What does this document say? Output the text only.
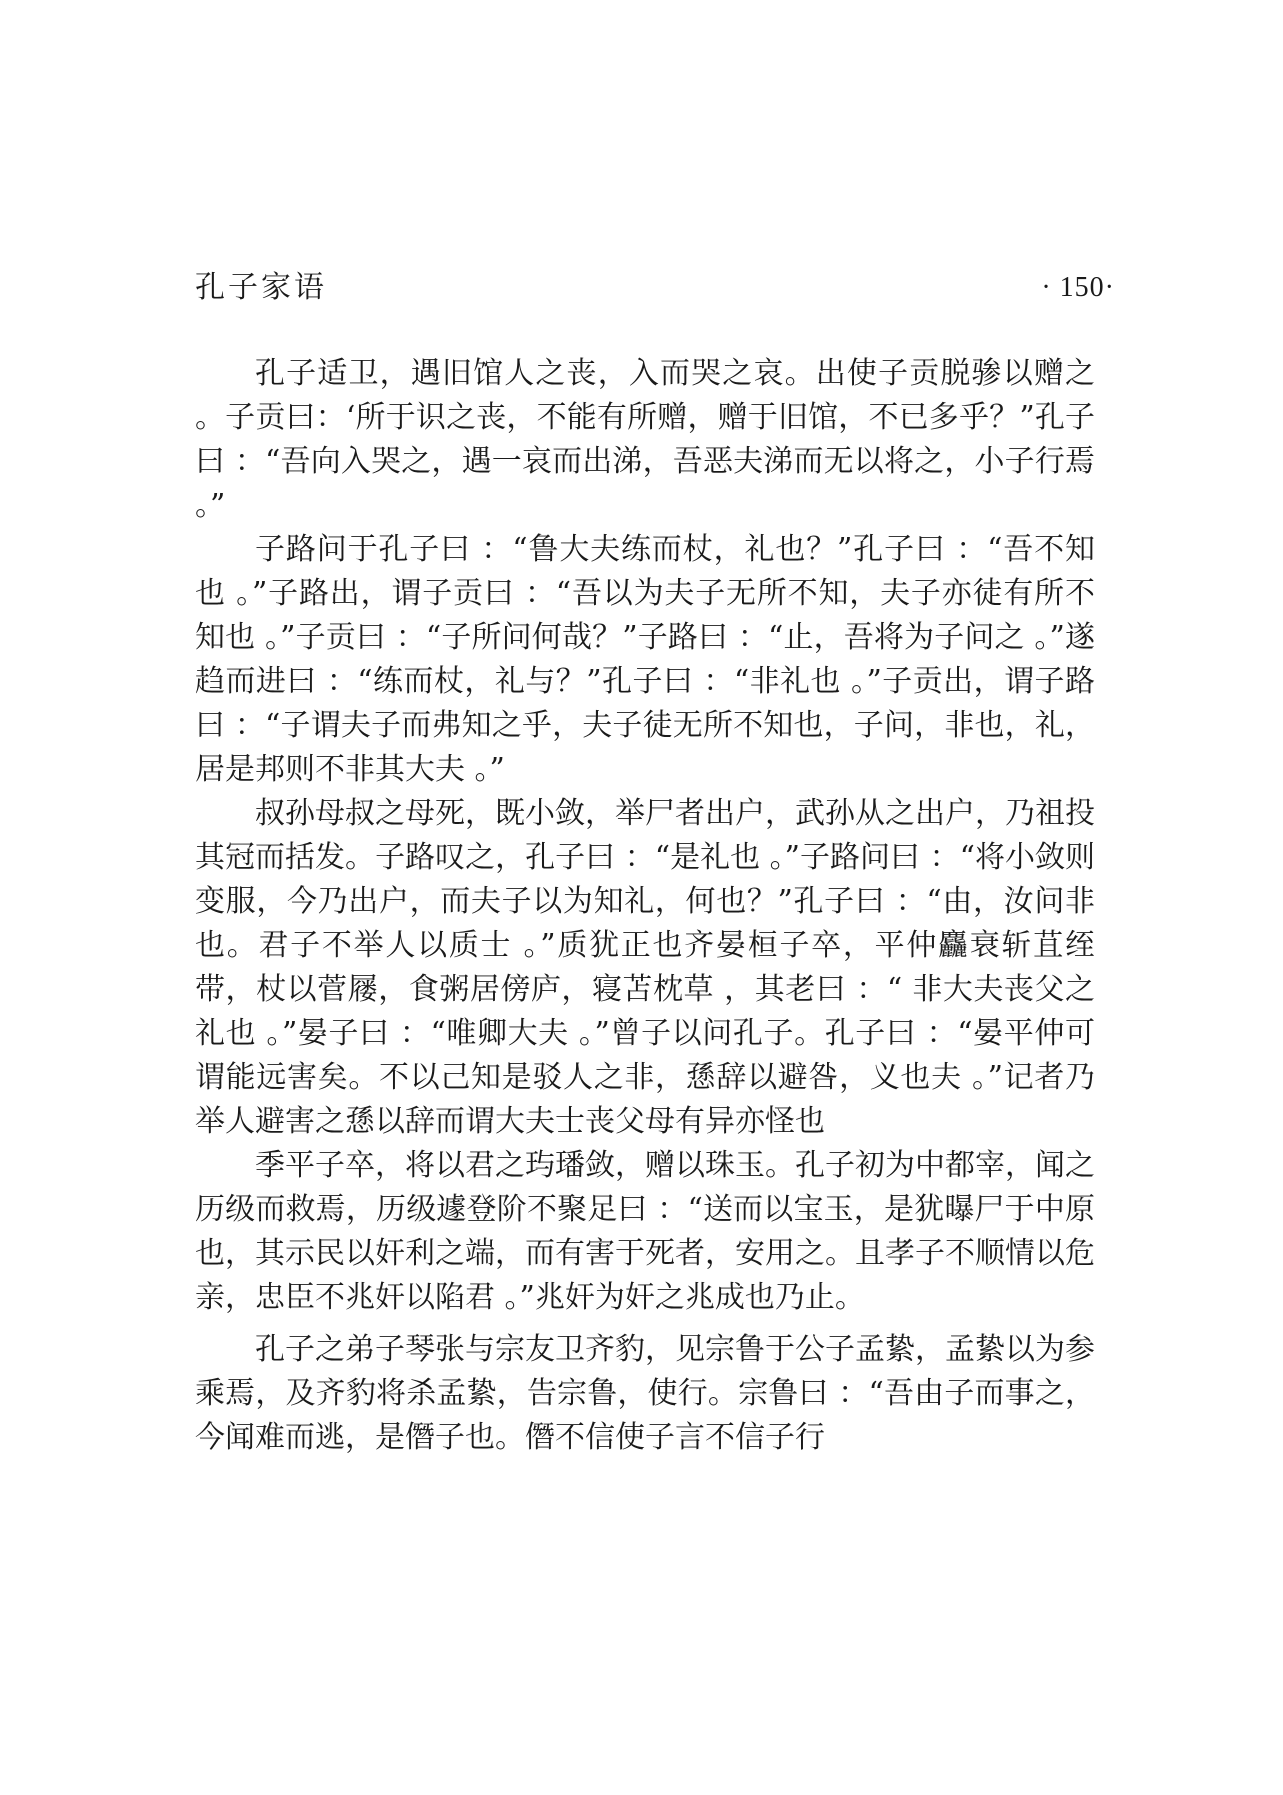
孔子家语	· 150·

孔子适卫，遇旧馆人之丧，入而哭之哀。出使子贡脱骖以赠之 。子贡曰：‘所于识之丧，不能有所赠，赠于旧馆，不已多乎？”孔子曰 ：“吾向入哭之，遇一哀而出涕，吾恶夫涕而无以将之，小子行焉 。”

子路问于孔子曰 ：“鲁大夫练而杖，礼也？”孔子曰 ：“吾不知也 。”子路出，谓子贡曰 ：“吾以为夫子无所不知，夫子亦徒有所不知也 。”子贡曰 ：“子所问何哉？”子路曰 ：“止，吾将为子问之 。”遂趋而进曰 ：“练而杖，礼与？”孔子曰 ：“非礼也 。”子贡出，谓子路曰 ：“子谓夫子而弗知之乎，夫子徒无所不知也，子问，非也，礼，居是邦则不非其大夫 。”

叔孙母叔之母死，既小敛，举尸者出户，武孙从之出户，乃祖投其冠而括发。子路叹之，孔子曰 ：“是礼也 。”子路问曰 ：“将小敛则变服，今乃出户，而夫子以为知礼，何也？”孔子曰 ：“由，汝问非也。君子不举人以质士 。”质犹正也齐晏桓子卒，平仲麤衰斩苴绖带，杖以菅屦，食粥居傍庐，寝苫枕草 ，其老曰 ：“ 非大夫丧父之礼也 。”晏子曰 ：“唯卿大夫 。”曾子以问孔子。孔子曰 ：“晏平仲可谓能远害矣。不以己知是驳人之非，愻辞以避咎，义也夫 。”记者乃举人避害之愻以辞而谓大夫士丧父母有异亦怪也

季平子卒，将以君之玙璠敛，赠以珠玉。孔子初为中都宰，闻之历级而救焉，历级遽登阶不聚足曰 ：“送而以宝玉，是犹曝尸于中原也，其示民以奸利之端，而有害于死者，安用之。且孝子不顺情以危亲，忠臣不兆奸以陷君 。”兆奸为奸之兆成也乃止。

孔子之弟子琴张与宗友卫齐豹，见宗鲁于公子孟絷，孟絷以为参乘焉，及齐豹将杀孟絷，告宗鲁，使行。宗鲁曰 ：“吾由子而事之，今闻难而逃，是僭子也。僭不信使子言不信子行
